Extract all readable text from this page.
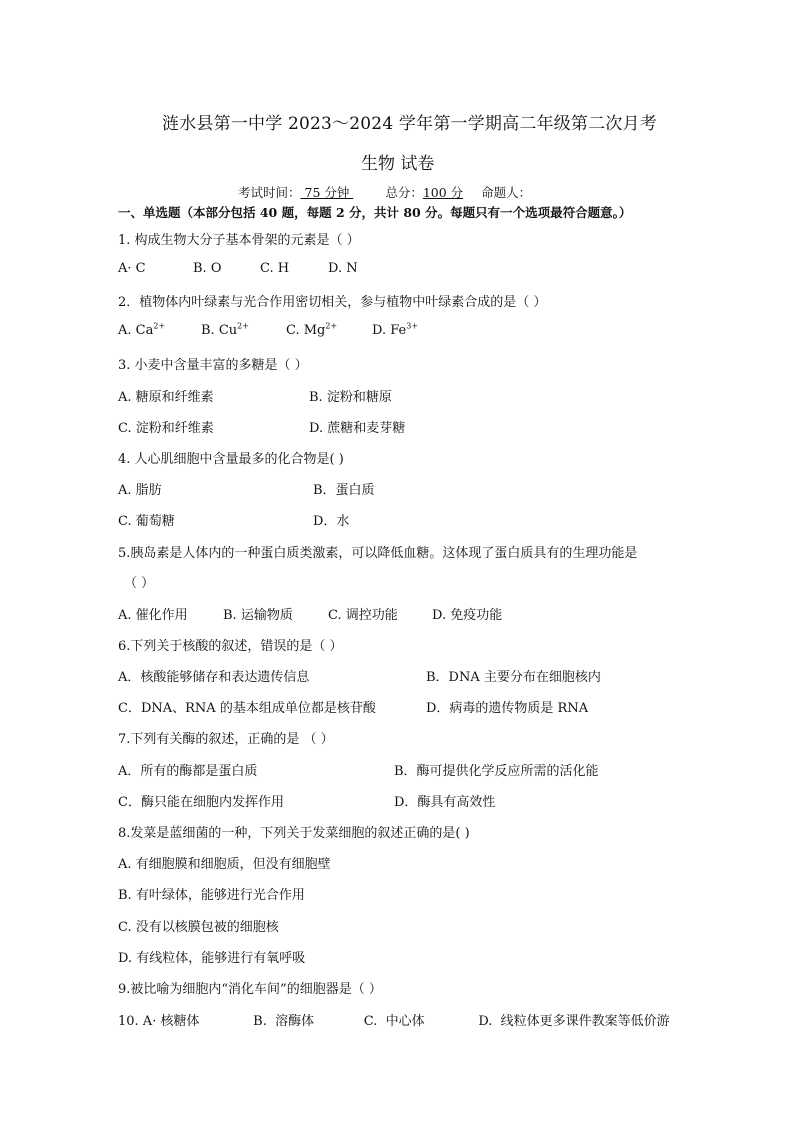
涟水县第一中学 2023～2024 学年第一学期高二年级第二次月考
生物 试卷
考试时间： 75 分钟	总分：100 分 命题人：
一、单选题（本部分包括 40 题，每题 2 分，共计 80 分。每题只有一个选项最符合题意。）
1. 构成生物大分子基本骨架的元素是（ ）
A· C	B. O	C. H	D. N
2．植物体内叶绿素与光合作用密切相关，参与植物中叶绿素合成的是（ ）
A. $Ca^{2+}$	B. $Cu^{2+}$	C. $Mg^{2+}$	D. $Fe^{3+}$
3. 小麦中含量丰富的多糖是（ ）
A. 糖原和纤维素	B. 淀粉和糖原
C. 淀粉和纤维素	D. 蔗糖和麦芽糖
4. 人心肌细胞中含量最多的化合物是( )
A. 脂肪	B．蛋白质
C. 葡萄糖	D．水
5.胰岛素是人体内的一种蛋白质类激素，可以降低血糖。这体现了蛋白质具有的生理功能是
（ ）
A. 催化作用	B. 运输物质	C. 调控功能	D. 免疫功能
6.下列关于核酸的叙述，错误的是（ ）
A．核酸能够储存和表达遗传信息	B．DNA 主要分布在细胞核内
C．DNA、RNA 的基本组成单位都是核苷酸	D．病毒的遗传物质是 RNA
7.下列有关酶的叙述，正确的是 （ ）
A．所有的酶都是蛋白质	B．酶可提供化学反应所需的活化能
C．酶只能在细胞内发挥作用	D．酶具有高效性
8.发菜是蓝细菌的一种，下列关于发菜细胞的叙述正确的是( )
A. 有细胞膜和细胞质，但没有细胞壁
B. 有叶绿体，能够进行光合作用
C. 没有以核膜包被的细胞核
D. 有线粒体，能够进行有氧呼吸
9.被比喻为细胞内“消化车间”的细胞器是（ ）
10. A· 核糖体             B.  溶酶体            C.  中心体             D.  线粒体更多课件教案等低价游
